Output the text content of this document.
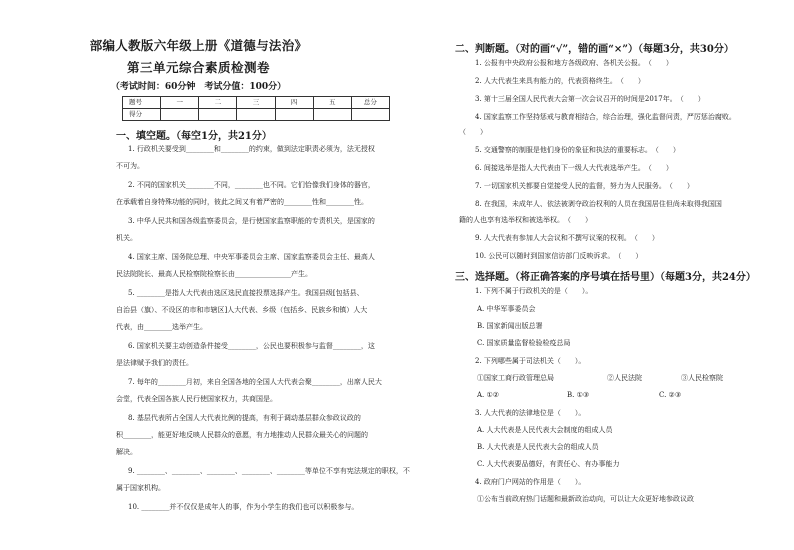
部编人教版六年级上册《道德与法治》
第三单元综合素质检测卷
（考试时间：60分钟　考试分值：100分）
题号	一	二	三	四	五	总分
得分						
一、填空题。（每空1分，共21分）
1. 行政机关要受到________和________的约束，做到法定职责必须为，法无授权
不可为。
2. 不同的国家机关________不同，________也不同。它们恰像我们身体的器官，
在承载着自身特殊功能的同时，彼此之间又有着严密的________性和________性。
3. 中华人民共和国各级监察委员会，是行使国家监察职能的专责机关，是国家的
机关。
4. 国家主席、国务院总理、中央军事委员会主席、国家监察委员会主任、最高人
民法院院长、最高人民检察院检察长由________________产生。
5. ________是指人大代表由选区选民直接投票选择产生。我国县级[包括县、
自治县（旗）、不设区的市和市辖区]人大代表、乡级（包括乡、民族乡和镇）人大
代表，由________选举产生。
6. 国家机关要主动创造条件接受________，公民也要积极参与监督________，这
是法律赋予我们的责任。
7. 每年的________月初，来自全国各地的全国人大代表会聚________，出席人民大
会堂，代表全国各族人民行使国家权力，共商国是。
8. 基层代表所占全国人大代表比例的提高，有利于调动基层群众参政议政的
积________，能更好地反映人民群众的意愿，有力地推动人民群众最关心的问题的
解决。
9. ________、________、________、________、________等单位不享有宪法规定的职权，不
属于国家机构。
10. ________并不仅仅是成年人的事，作为小学生的我们也可以积极参与。
二、判断题。（对的画“√”，错的画“×”）（每题3分，共30分）
1. 公报有中央政府公报和地方各级政府、各机关公报。　（　　）
2. 人大代表生来具有能力的，代表资格终生。　（　　）
3. 第十三届全国人民代表大会第一次会议召开的时间是2017年。　（　　）
4. 国家监察工作坚持惩戒与教育相结合，综合治理，强化监督问责，严厉惩治腐败。
（　　）
5. 交通警察的制服是他们身份的象征和执法的重要标志。　（　　）
6. 间接选举是指人大代表由下一级人大代表选举产生。　（　　）
7. 一切国家机关都要自觉接受人民的监督，努力为人民服务。　（　　）
8. 在我国，未成年人、依法被剥夺政治权利的人员在我国居住但尚未取得我国国
籍的人也享有选举权和被选举权。　（　　）
9. 人大代表有参加人大会议和不撰写议案的权利。　（　　）
10. 公民可以随时到国家信访部门反映诉求。　（　　）
三、选择题。（将正确答案的序号填在括号里）（每题3分，共24分）
1. 下列不属于行政机关的是（　　）。
A. 中华军事委员会
B. 国家新闻出版总署
C. 国家质量监督检验检疫总局
2. 下列哪些属于司法机关（　　）。
①国家工商行政管理总局	②人民法院	③人民检察院
A. ①②	B. ①③	C. ②③
3. 人大代表的法律地位是（　　）。
A. 人大代表是人民代表大会制度的组成人员
B. 人大代表是人民代表大会的组成人员
C. 人大代表要品德好，有责任心、有办事能力
4. 政府门户网站的作用是（　　）。
①公布当前政府热门话题和最新政治动向，可以让大众更好地参政议政
